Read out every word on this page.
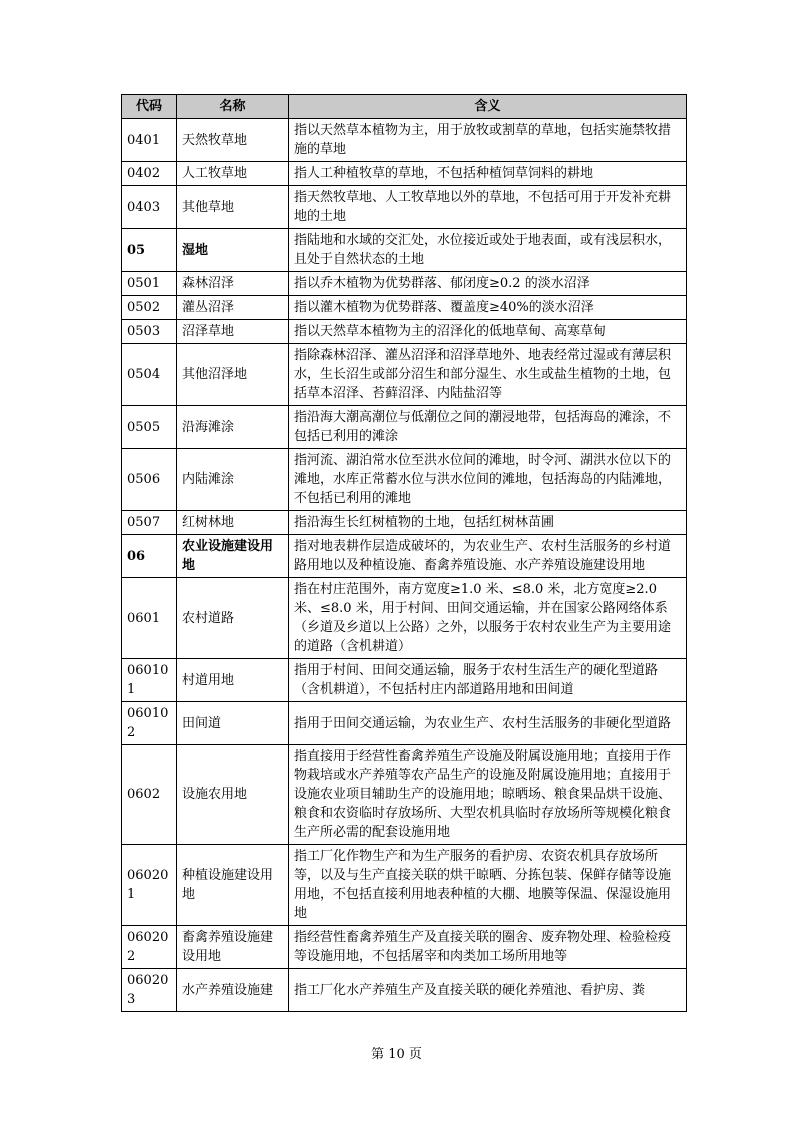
代码	名称	含义
0401	天然牧草地	指以天然草本植物为主，用于放牧或割草的草地，包括实施禁牧措施的草地
0402	人工牧草地	指人工种植牧草的草地，不包括种植饲草饲料的耕地
0403	其他草地	指天然牧草地、人工牧草地以外的草地，不包括可用于开发补充耕地的土地
05	湿地	指陆地和水域的交汇处，水位接近或处于地表面，或有浅层积水，且处于自然状态的土地
0501	森林沼泽	指以乔木植物为优势群落、郁闭度≥0.2 的淡水沼泽
0502	灌丛沼泽	指以灌木植物为优势群落、覆盖度≥40%的淡水沼泽
0503	沼泽草地	指以天然草本植物为主的沼泽化的低地草甸、高寒草甸
0504	其他沼泽地	指除森林沼泽、灌丛沼泽和沼泽草地外、地表经常过湿或有薄层积水，生长沼生或部分沼生和部分湿生、水生或盐生植物的土地，包括草本沼泽、苔藓沼泽、内陆盐沼等
0505	沿海滩涂	指沿海大潮高潮位与低潮位之间的潮浸地带，包括海岛的滩涂，不包括已利用的滩涂
0506	内陆滩涂	指河流、湖泊常水位至洪水位间的滩地，时令河、湖洪水位以下的滩地，水库正常蓄水位与洪水位间的滩地，包括海岛的内陆滩地，不包括已利用的滩地
0507	红树林地	指沿海生长红树植物的土地，包括红树林苗圃
06	农业设施建设用地	指对地表耕作层造成破坏的，为农业生产、农村生活服务的乡村道路用地以及种植设施、畜禽养殖设施、水产养殖设施建设用地
0601	农村道路	指在村庄范围外，南方宽度≥1.0 米、≤8.0 米，北方宽度≥2.0 米、≤8.0 米，用于村间、田间交通运输，并在国家公路网络体系（乡道及乡道以上公路）之外，以服务于农村农业生产为主要用途的道路（含机耕道）
060101	村道用地	指用于村间、田间交通运输，服务于农村生活生产的硬化型道路（含机耕道），不包括村庄内部道路用地和田间道
060102	田间道	指用于田间交通运输，为农业生产、农村生活服务的非硬化型道路
0602	设施农用地	指直接用于经营性畜禽养殖生产设施及附属设施用地；直接用于作物栽培或水产养殖等农产品生产的设施及附属设施用地；直接用于设施农业项目辅助生产的设施用地；晾晒场、粮食果品烘干设施、粮食和农资临时存放场所、大型农机具临时存放场所等规模化粮食生产所必需的配套设施用地
060201	种植设施建设用地	指工厂化作物生产和为生产服务的看护房、农资农机具存放场所等，以及与生产直接关联的烘干晾晒、分拣包装、保鲜存储等设施用地，不包括直接利用地表种植的大棚、地膜等保温、保湿设施用地
060202	畜禽养殖设施建设用地	指经营性畜禽养殖生产及直接关联的圈舍、废弃物处理、检验检疫等设施用地，不包括屠宰和肉类加工场所用地等
060203	水产养殖设施建	指工厂化水产养殖生产及直接关联的硬化养殖池、看护房、粪
第 10 页
